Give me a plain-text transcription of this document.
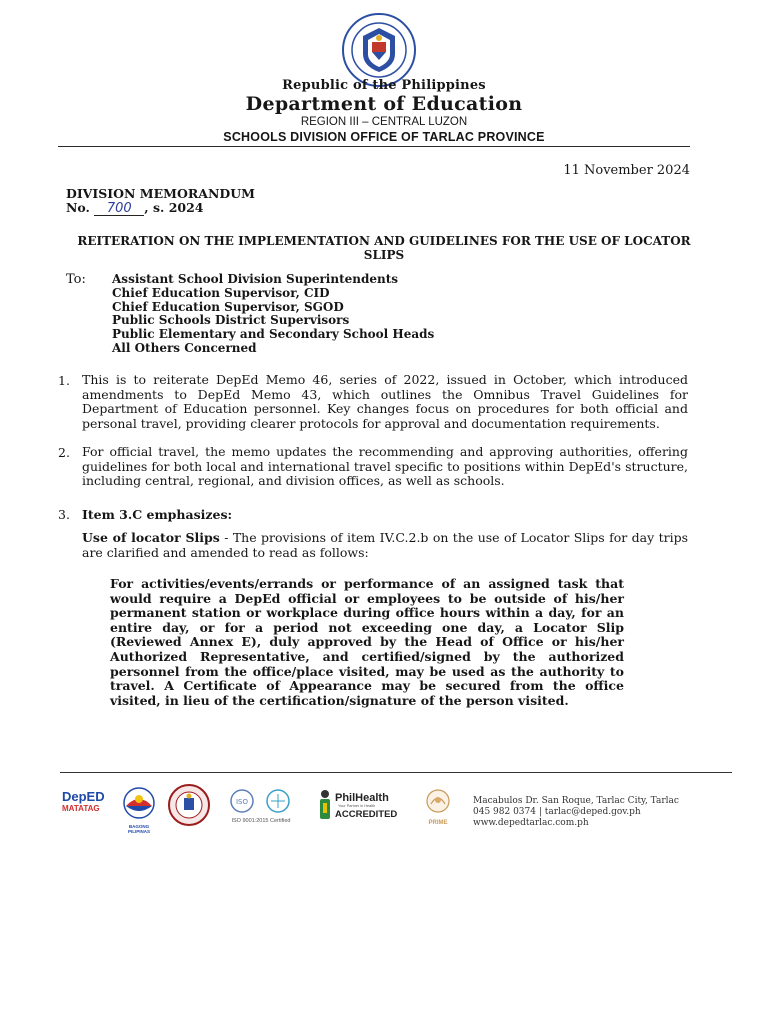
Republic of the Philippines
Department of Education
REGION III – CENTRAL LUZON
SCHOOLS DIVISION OFFICE OF TARLAC PROVINCE
11 November 2024
DIVISION MEMORANDUM
No. 700 , s. 2024
REITERATION ON THE IMPLEMENTATION AND GUIDELINES FOR THE USE OF LOCATOR SLIPS
To: Assistant School Division Superintendents
Chief Education Supervisor, CID
Chief Education Supervisor, SGOD
Public Schools District Supervisors
Public Elementary and Secondary School Heads
All Others Concerned
1. This is to reiterate DepEd Memo 46, series of 2022, issued in October, which introduced amendments to DepEd Memo 43, which outlines the Omnibus Travel Guidelines for Department of Education personnel. Key changes focus on procedures for both official and personal travel, providing clearer protocols for approval and documentation requirements.
2. For official travel, the memo updates the recommending and approving authorities, offering guidelines for both local and international travel specific to positions within DepEd's structure, including central, regional, and division offices, as well as schools.
3. Item 3.C emphasizes:
Use of locator Slips - The provisions of item IV.C.2.b on the use of Locator Slips for day trips are clarified and amended to read as follows:
For activities/events/errands or performance of an assigned task that would require a DepEd official or employees to be outside of his/her permanent station or workplace during office hours within a day, for an entire day, or for a period not exceeding one day, a Locator Slip (Reviewed Annex E), duly approved by the Head of Office or his/her Authorized Representative, and certified/signed by the authorized personnel from the office/place visited, may be used as the authority to travel. A Certificate of Appearance may be secured from the office visited, in lieu of the certification/signature of the person visited.
DepED
MATATAG
BAGONG PILIPINAS
ISO
ISO 9001:2015 Certified
PhilHealth
Your Partner in Health
ACCREDITED
PRIME
Macabulos Dr. San Roque, Tarlac City, Tarlac
045 982 0374 | tarlac@deped.gov.ph
www.depedtarlac.com.ph
